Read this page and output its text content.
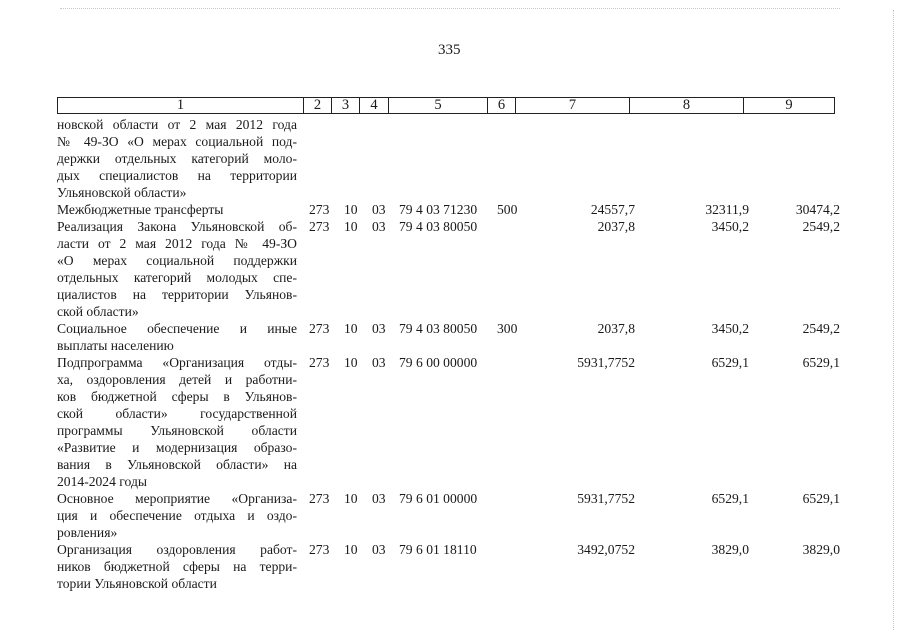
335
1	2	3	4	5	6	7	8	9
новской области от 2 мая 2012 года
№ 49-ЗО «О мерах социальной под-
держки отдельных категорий моло-
дых специалистов на территории
Ульяновской области»
Межбюджетные трансферты	273 10 03 79 4 03 71230 500	24557,7	32311,9	30474,2
Реализация Закона Ульяновской об-
ласти от 2 мая 2012 года № 49-ЗО
«О мерах социальной поддержки
отдельных категорий молодых спе-
циалистов на территории Ульянов-
ской области»
273 10 03 79 4 03 80050	2037,8	3450,2	2549,2
Социальное обеспечение и иные
выплаты населению
273 10 03 79 4 03 80050 300	2037,8	3450,2	2549,2
Подпрограмма «Организация отды-
ха, оздоровления детей и работни-
ков бюджетной сферы в Ульянов-
ской области» государственной
программы Ульяновской области
«Развитие и модернизация образо-
вания в Ульяновской области» на
2014-2024 годы
273 10 03 79 6 00 00000	5931,7752	6529,1	6529,1
Основное мероприятие «Организа-
ция и обеспечение отдыха и оздо-
ровления»
273 10 03 79 6 01 00000	5931,7752	6529,1	6529,1
Организация оздоровления работ-
ников бюджетной сферы на терри-
тории Ульяновской области
273 10 03 79 6 01 18110	3492,0752	3829,0	3829,0
